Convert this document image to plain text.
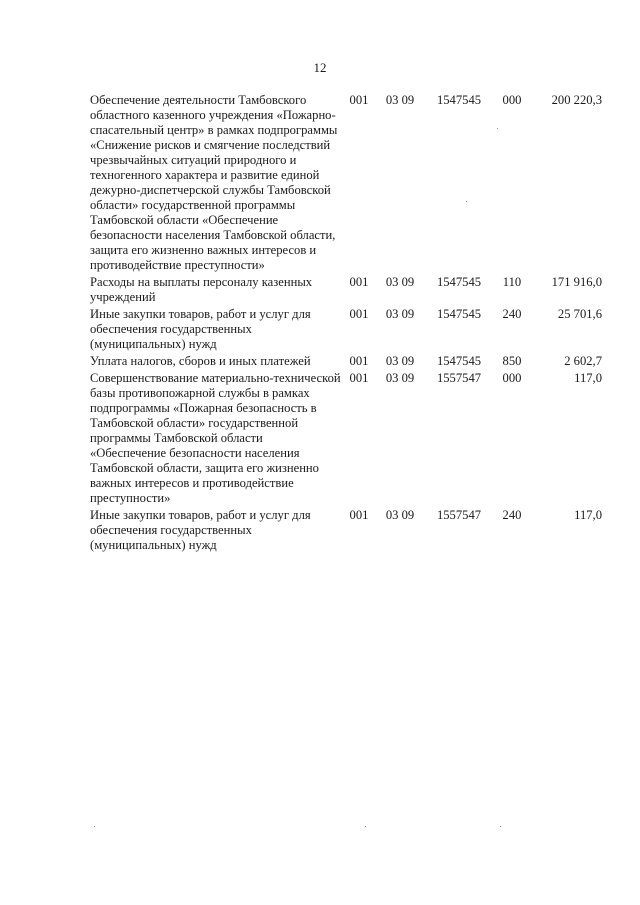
12
Обеспечение деятельности Тамбовского областного казенного учреждения «Пожарно-спасательный центр» в рамках подпрограммы «Снижение рисков и смягчение последствий чрезвычайных ситуаций природного и техногенного характера и развитие единой дежурно-диспетчерской службы Тамбовской области» государственной программы Тамбовской области «Обеспечение безопасности населения Тамбовской области, защита его жизненно важных интересов и противодействие преступности»	001	03 09	1547545	000	200 220,3
Расходы на выплаты персоналу казенных учреждений	001	03 09	1547545	110	171 916,0
Иные закупки товаров, работ и услуг для обеспечения государственных (муниципальных) нужд	001	03 09	1547545	240	25 701,6
Уплата налогов, сборов и иных платежей	001	03 09	1547545	850	2 602,7
Совершенствование материально-технической базы противопожарной службы в рамках подпрограммы «Пожарная безопасность в Тамбовской области» государственной программы Тамбовской области «Обеспечение безопасности населения Тамбовской области, защита его жизненно важных интересов и противодействие преступности»	001	03 09	1557547	000	117,0
Иные закупки товаров, работ и услуг для обеспечения государственных (муниципальных) нужд	001	03 09	1557547	240	117,0
